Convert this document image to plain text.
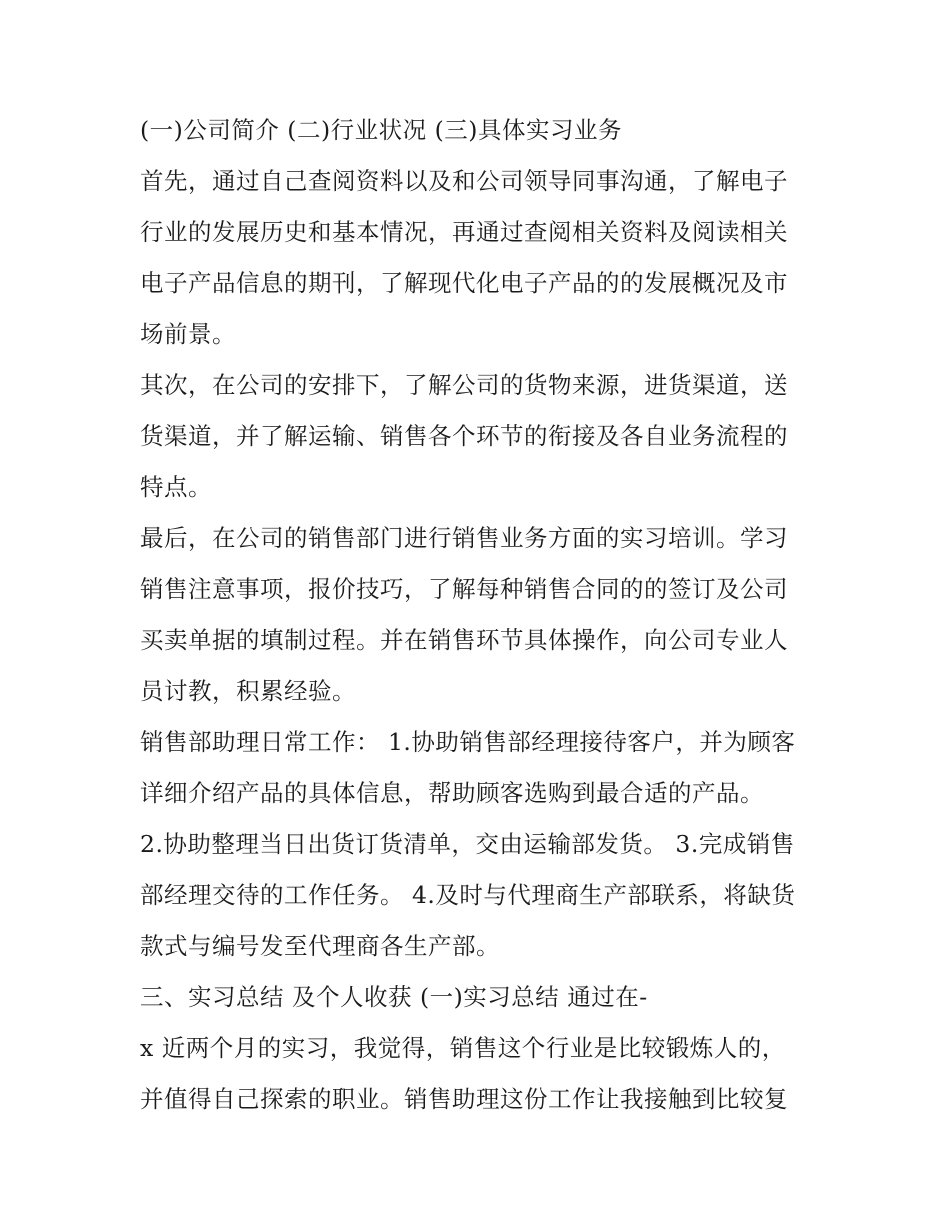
(一)公司简介 (二)行业状况 (三)具体实习业务
首先，通过自己查阅资料以及和公司领导同事沟通，了解电子
行业的发展历史和基本情况，再通过查阅相关资料及阅读相关
电子产品信息的期刊，了解现代化电子产品的的发展概况及市
场前景。
其次，在公司的安排下，了解公司的货物来源，进货渠道，送
货渠道，并了解运输、销售各个环节的衔接及各自业务流程的
特点。
最后，在公司的销售部门进行销售业务方面的实习培训。学习
销售注意事项，报价技巧，了解每种销售合同的的签订及公司
买卖单据的填制过程。并在销售环节具体操作，向公司专业人
员讨教，积累经验。
销售部助理日常工作： 1.协助销售部经理接待客户，并为顾客
详细介绍产品的具体信息，帮助顾客选购到最合适的产品。
2.协助整理当日出货订货清单，交由运输部发货。 3.完成销售
部经理交待的工作任务。 4.及时与代理商生产部联系，将缺货
款式与编号发至代理商各生产部。
三、实习总结 及个人收获 (一)实习总结 通过在-
x 近两个月的实习，我觉得，销售这个行业是比较锻炼人的，
并值得自己探索的职业。销售助理这份工作让我接触到比较复
